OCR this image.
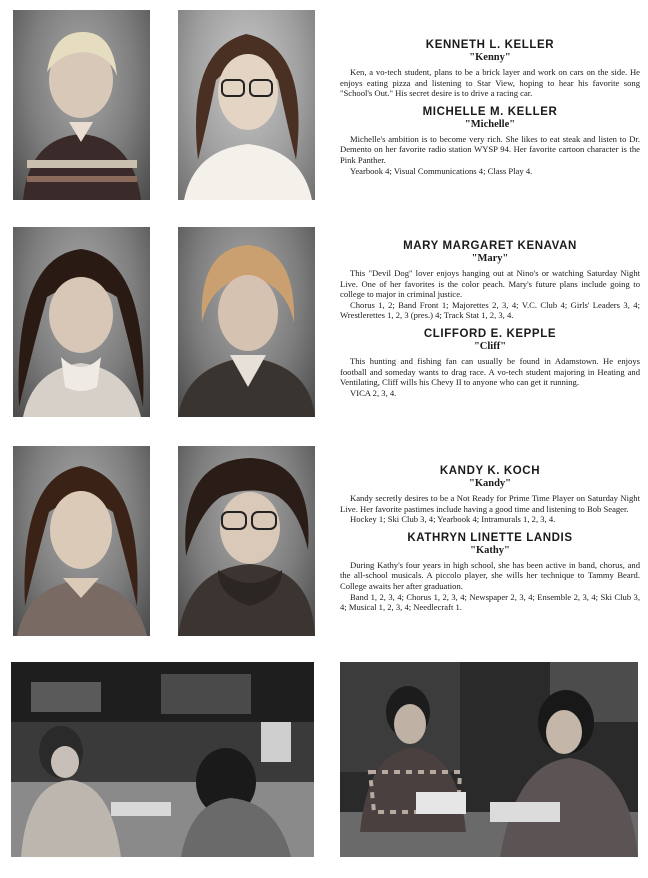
KENNETH L. KELLER
"Kenny"

Ken, a vo-tech student, plans to be a brick layer and work on cars on the side. He enjoys eating pizza and listening to Star View, hoping to hear his favorite song "School's Out." His secret desire is to drive a racing car.

MICHELLE M. KELLER
"Michelle"

Michelle's ambition is to become very rich. She likes to eat steak and listen to Dr. Demento on her favorite radio station WYSP 94. Her favorite cartoon character is the Pink Panther.

Yearbook 4; Visual Communications 4; Class Play 4.

MARY MARGARET KENAVAN
"Mary"

This "Devil Dog" lover enjoys hanging out at Nino's or watching Saturday Night Live. One of her favorites is the color peach. Mary's future plans include going to college to major in criminal justice.

Chorus 1, 2; Band Front 1; Majorettes 2, 3, 4; V.C. Club 4; Girls' Leaders 3, 4; Wrestlerettes 1, 2, 3 (pres.) 4; Track Stat 1, 2, 3, 4.

CLIFFORD E. KEPPLE
"Cliff"

This hunting and fishing fan can usually be found in Adamstown. He enjoys football and someday wants to drag race. A vo-tech student majoring in Heating and Ventilating, Cliff wills his Chevy II to anyone who can get it running.

VICA 2, 3, 4.

KANDY K. KOCH
"Kandy"

Kandy secretly desires to be a Not Ready for Prime Time Player on Saturday Night Live. Her favorite pastimes include having a good time and listening to Bob Seager.

Hockey 1; Ski Club 3, 4; Yearbook 4; Intramurals 1, 2, 3, 4.

KATHRYN LINETTE LANDIS
"Kathy"

During Kathy's four years in high school, she has been active in band, chorus, and the all-school musicals. A piccolo player, she wills her technique to Tammy Beard. College awaits her after graduation.

Band 1, 2, 3, 4; Chorus 1, 2, 3, 4; Newspaper 2, 3, 4; Ensemble 2, 3, 4; Ski Club 3, 4; Musical 1, 2, 3, 4; Needlecraft 1.
